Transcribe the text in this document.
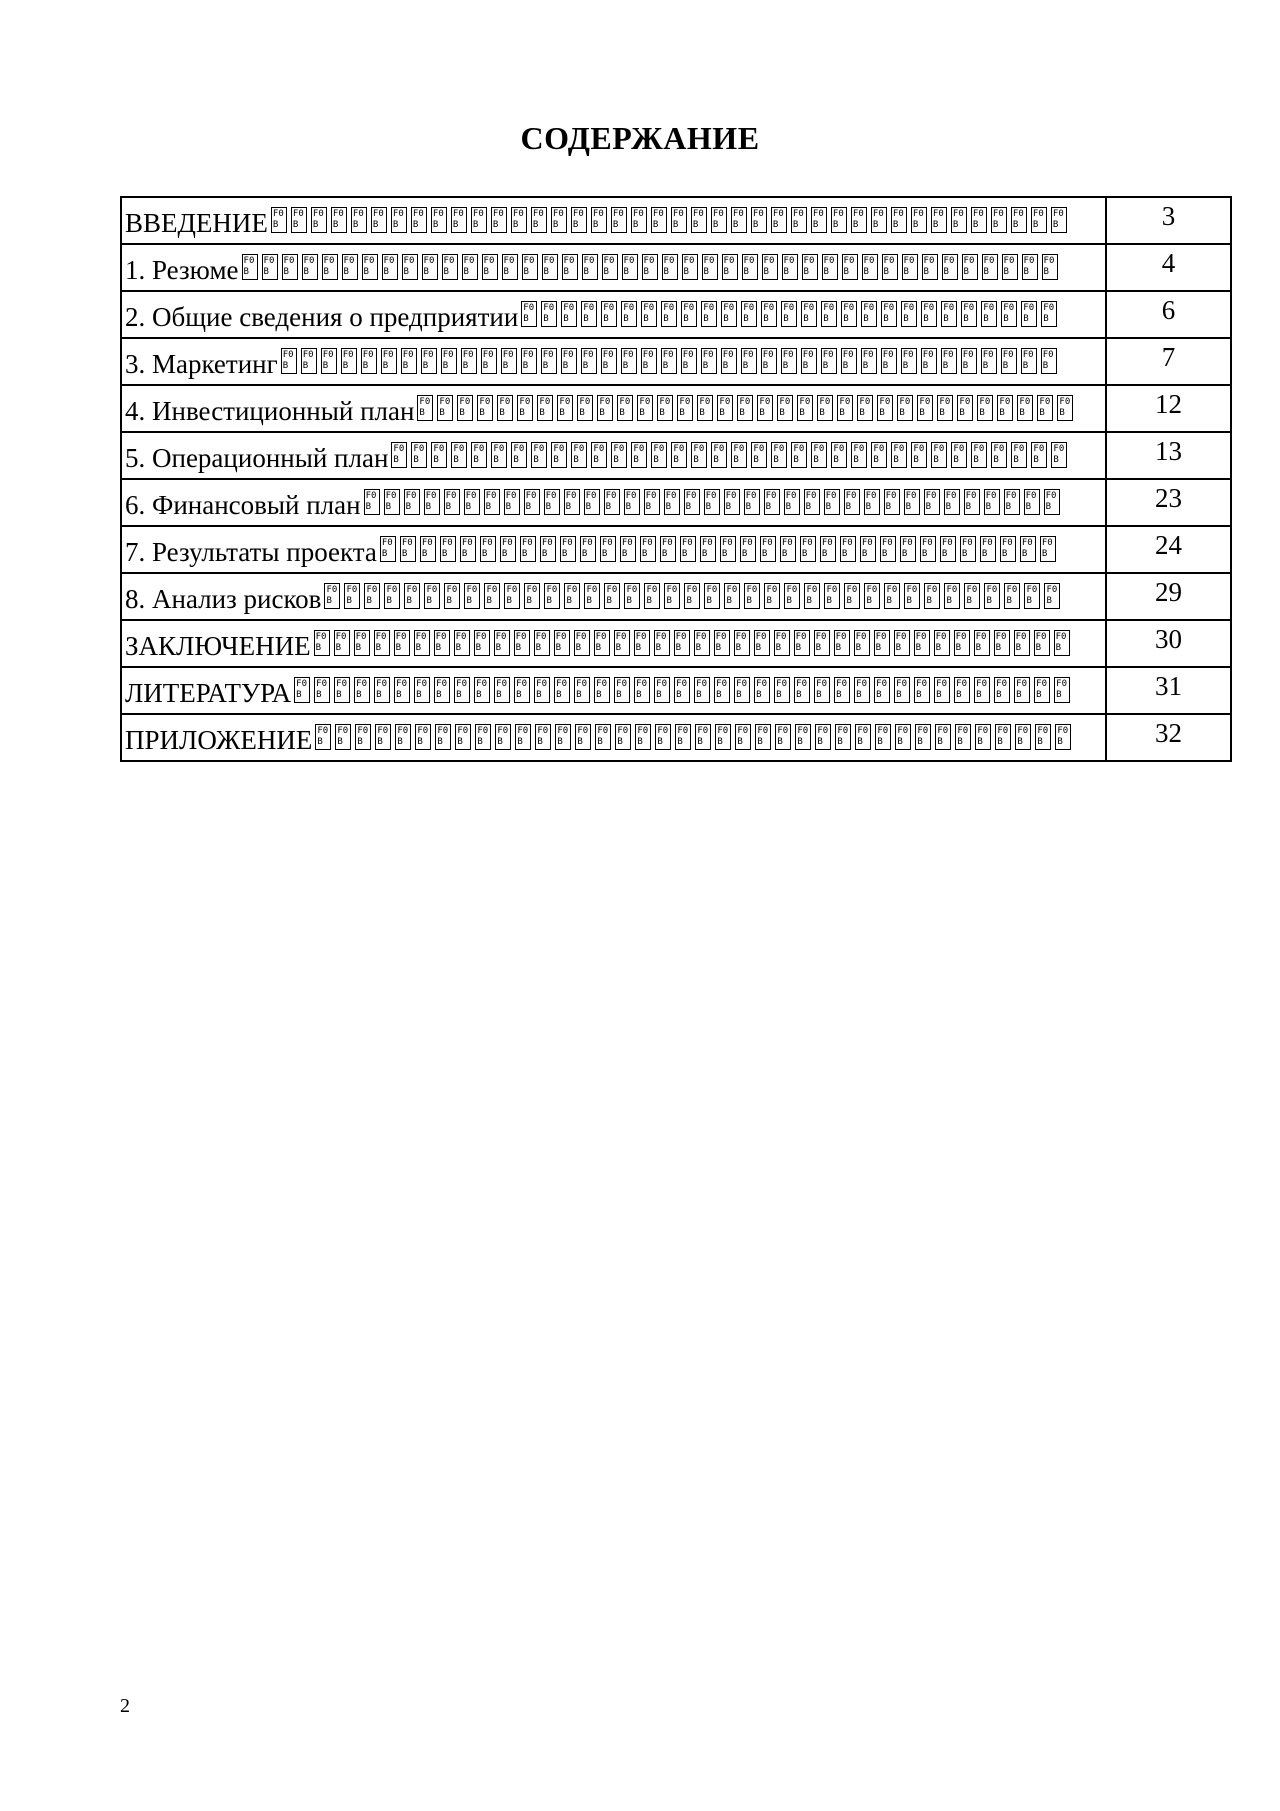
СОДЕРЖАНИЕ
ВВЕДЕНИЕF0 BF0 BF0 BF0 BF0 BF0 BF0 BF0 BF0 BF0 BF0 BF0 BF0 BF0 BF0 BF0 BF0 BF0 BF0 BF0 BF0 BF0 BF0 BF0 BF0 BF0 BF0 BF0 BF0 BF0 BF0 BF0 BF0 BF0 BF0 BF0 BF0 BF0 BF0 BF0 B	3
1. РезюмеF0 BF0 BF0 BF0 BF0 BF0 BF0 BF0 BF0 BF0 BF0 BF0 BF0 BF0 BF0 BF0 BF0 BF0 BF0 BF0 BF0 BF0 BF0 BF0 BF0 BF0 BF0 BF0 BF0 BF0 BF0 BF0 BF0 BF0 BF0 BF0 BF0 BF0 BF0 BF0 BF0 B	4
2. Общие сведения о предприятииF0 BF0 BF0 BF0 BF0 BF0 BF0 BF0 BF0 BF0 BF0 BF0 BF0 BF0 BF0 BF0 BF0 BF0 BF0 BF0 BF0 BF0 BF0 BF0 BF0 BF0 BF0 B	6
3. МаркетингF0 BF0 BF0 BF0 BF0 BF0 BF0 BF0 BF0 BF0 BF0 BF0 BF0 BF0 BF0 BF0 BF0 BF0 BF0 BF0 BF0 BF0 BF0 BF0 BF0 BF0 BF0 BF0 BF0 BF0 BF0 BF0 BF0 BF0 BF0 BF0 BF0 BF0 BF0 B	7
4. Инвестиционный планF0 BF0 BF0 BF0 BF0 BF0 BF0 BF0 BF0 BF0 BF0 BF0 BF0 BF0 BF0 BF0 BF0 BF0 BF0 BF0 BF0 BF0 BF0 BF0 BF0 BF0 BF0 BF0 BF0 BF0 BF0 BF0 BF0 B	12
5. Операционный планF0 BF0 BF0 BF0 BF0 BF0 BF0 BF0 BF0 BF0 BF0 BF0 BF0 BF0 BF0 BF0 BF0 BF0 BF0 BF0 BF0 BF0 BF0 BF0 BF0 BF0 BF0 BF0 BF0 BF0 BF0 BF0 BF0 BF0 B	13
6. Финансовый планF0 BF0 BF0 BF0 BF0 BF0 BF0 BF0 BF0 BF0 BF0 BF0 BF0 BF0 BF0 BF0 BF0 BF0 BF0 BF0 BF0 BF0 BF0 BF0 BF0 BF0 BF0 BF0 BF0 BF0 BF0 BF0 BF0 BF0 BF0 B	23
7. Результаты проектаF0 BF0 BF0 BF0 BF0 BF0 BF0 BF0 BF0 BF0 BF0 BF0 BF0 BF0 BF0 BF0 BF0 BF0 BF0 BF0 BF0 BF0 BF0 BF0 BF0 BF0 BF0 BF0 BF0 BF0 BF0 BF0 BF0 BF0 B	24
8. Анализ рисковF0 BF0 BF0 BF0 BF0 BF0 BF0 BF0 BF0 BF0 BF0 BF0 BF0 BF0 BF0 BF0 BF0 BF0 BF0 BF0 BF0 BF0 BF0 BF0 BF0 BF0 BF0 BF0 BF0 BF0 BF0 BF0 BF0 BF0 BF0 BF0 BF0 B	29
ЗАКЛЮЧЕНИЕF0 BF0 BF0 BF0 BF0 BF0 BF0 BF0 BF0 BF0 BF0 BF0 BF0 BF0 BF0 BF0 BF0 BF0 BF0 BF0 BF0 BF0 BF0 BF0 BF0 BF0 BF0 BF0 BF0 BF0 BF0 BF0 BF0 BF0 BF0 BF0 BF0 BF0 B	30
ЛИТЕРАТУРАF0 BF0 BF0 BF0 BF0 BF0 BF0 BF0 BF0 BF0 BF0 BF0 BF0 BF0 BF0 BF0 BF0 BF0 BF0 BF0 BF0 BF0 BF0 BF0 BF0 BF0 BF0 BF0 BF0 BF0 BF0 BF0 BF0 BF0 BF0 BF0 BF0 BF0 BF0 B	31
ПРИЛОЖЕНИЕF0 BF0 BF0 BF0 BF0 BF0 BF0 BF0 BF0 BF0 BF0 BF0 BF0 BF0 BF0 BF0 BF0 BF0 BF0 BF0 BF0 BF0 BF0 BF0 BF0 BF0 BF0 BF0 BF0 BF0 BF0 BF0 BF0 BF0 BF0 BF0 BF0 BF0 B	32
2
